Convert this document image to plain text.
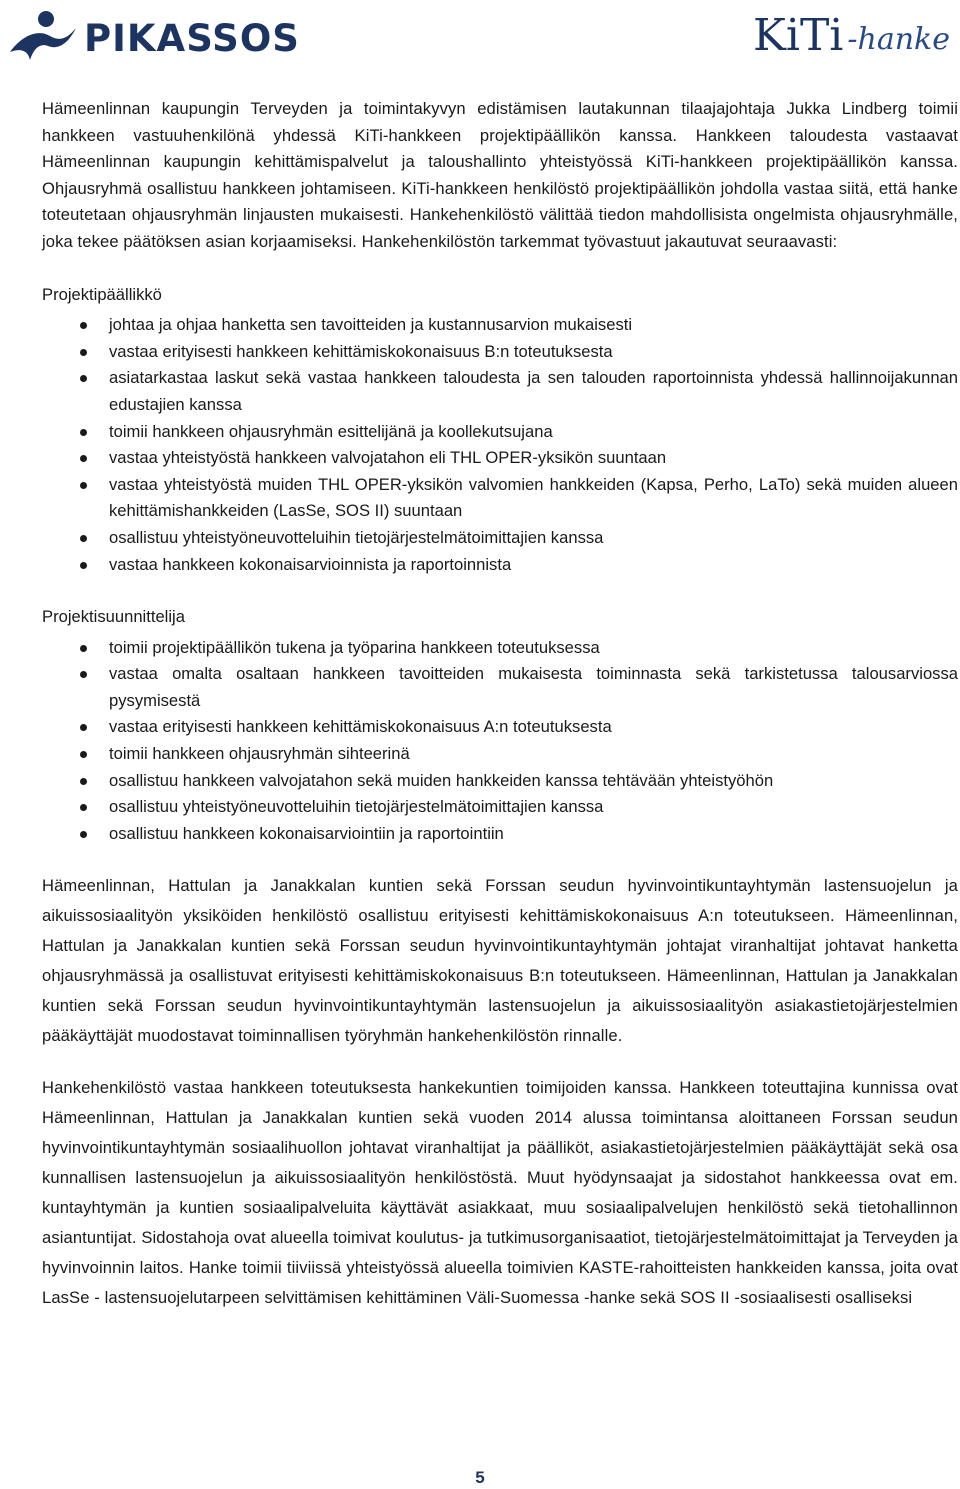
PIKASSOS	KiTi -hanke

Hämeenlinnan kaupungin Terveyden ja toimintakyvyn edistämisen lautakunnan tilaajajohtaja Jukka Lindberg toimii hankkeen vastuuhenkilönä yhdessä KiTi-hankkeen projektipäällikön kanssa. Hankkeen taloudesta vastaavat Hämeenlinnan kaupungin kehittämispalvelut ja taloushallinto yhteistyössä KiTi-hankkeen projektipäällikön kanssa. Ohjausryhmä osallistuu hankkeen johtamiseen. KiTi-hankkeen henkilöstö projektipäällikön johdolla vastaa siitä, että hanke toteutetaan ohjausryhmän linjausten mukaisesti. Hankehenkilöstö välittää tiedon mahdollisista ongelmista ohjausryhmälle, joka tekee päätöksen asian korjaamiseksi. Hankehenkilöstön tarkemmat työvastuut jakautuvat seuraavasti:

Projektipäällikkö

johtaa ja ohjaa hanketta sen tavoitteiden ja kustannusarvion mukaisesti
vastaa erityisesti hankkeen kehittämiskokonaisuus B:n toteutuksesta
asiatarkastaa laskut sekä vastaa hankkeen taloudesta ja sen talouden raportoinnista yhdessä hallinnoijakunnan edustajien kanssa
toimii hankkeen ohjausryhmän esittelijänä ja koollekutsujana
vastaa yhteistyöstä hankkeen valvojatahon eli THL OPER-yksikön suuntaan
vastaa yhteistyöstä muiden THL OPER-yksikön valvomien hankkeiden (Kapsa, Perho, LaTo) sekä muiden alueen kehittämishankkeiden (LasSe, SOS II) suuntaan
osallistuu yhteistyöneuvotteluihin tietojärjestelmätoimittajien kanssa
vastaa hankkeen kokonaisarvioinnista ja raportoinnista

Projektisuunnittelija

toimii projektipäällikön tukena ja työparina hankkeen toteutuksessa
vastaa omalta osaltaan hankkeen tavoitteiden mukaisesta toiminnasta sekä tarkistetussa talousarviossa pysymisestä
vastaa erityisesti hankkeen kehittämiskokonaisuus A:n toteutuksesta
toimii hankkeen ohjausryhmän sihteerinä
osallistuu hankkeen valvojatahon sekä muiden hankkeiden kanssa tehtävään yhteistyöhön
osallistuu yhteistyöneuvotteluihin tietojärjestelmätoimittajien kanssa
osallistuu hankkeen kokonaisarviointiin ja raportointiin

Hämeenlinnan, Hattulan ja Janakkalan kuntien sekä Forssan seudun hyvinvointikuntayhtymän lastensuojelun ja aikuissosiaalityön yksiköiden henkilöstö osallistuu erityisesti kehittämiskokonaisuus A:n toteutukseen. Hämeenlinnan, Hattulan ja Janakkalan kuntien sekä Forssan seudun hyvinvointikuntayhtymän johtajat viranhaltijat johtavat hanketta ohjausryhmässä ja osallistuvat erityisesti kehittämiskokonaisuus B:n toteutukseen. Hämeenlinnan, Hattulan ja Janakkalan kuntien sekä Forssan seudun hyvinvointikuntayhtymän lastensuojelun ja aikuissosiaalityön asiakastietojärjestelmien pääkäyttäjät muodostavat toiminnallisen työryhmän hankehenkilöstön rinnalle.

Hankehenkilöstö vastaa hankkeen toteutuksesta hankekuntien toimijoiden kanssa. Hankkeen toteuttajina kunnissa ovat Hämeenlinnan, Hattulan ja Janakkalan kuntien sekä vuoden 2014 alussa toimintansa aloittaneen Forssan seudun hyvinvointikuntayhtymän sosiaalihuollon johtavat viranhaltijat ja päälliköt, asiakastietojärjestelmien pääkäyttäjät sekä osa kunnallisen lastensuojelun ja aikuissosiaalityön henkilöstöstä. Muut hyödynsaajat ja sidostahot hankkeessa ovat em. kuntayhtymän ja kuntien sosiaalipalveluita käyttävät asiakkaat, muu sosiaalipalvelujen henkilöstö sekä tietohallinnon asiantuntijat. Sidostahoja ovat alueella toimivat koulutus- ja tutkimusorganisaatiot, tietojärjestelmätoimittajat ja Terveyden ja hyvinvoinnin laitos. Hanke toimii tiiviissä yhteistyössä alueella toimivien KASTE-rahoitteisten hankkeiden kanssa, joita ovat LasSe - lastensuojelutarpeen selvittämisen kehittäminen Väli-Suomessa -hanke sekä SOS II -sosiaalisesti osalliseksi

5
